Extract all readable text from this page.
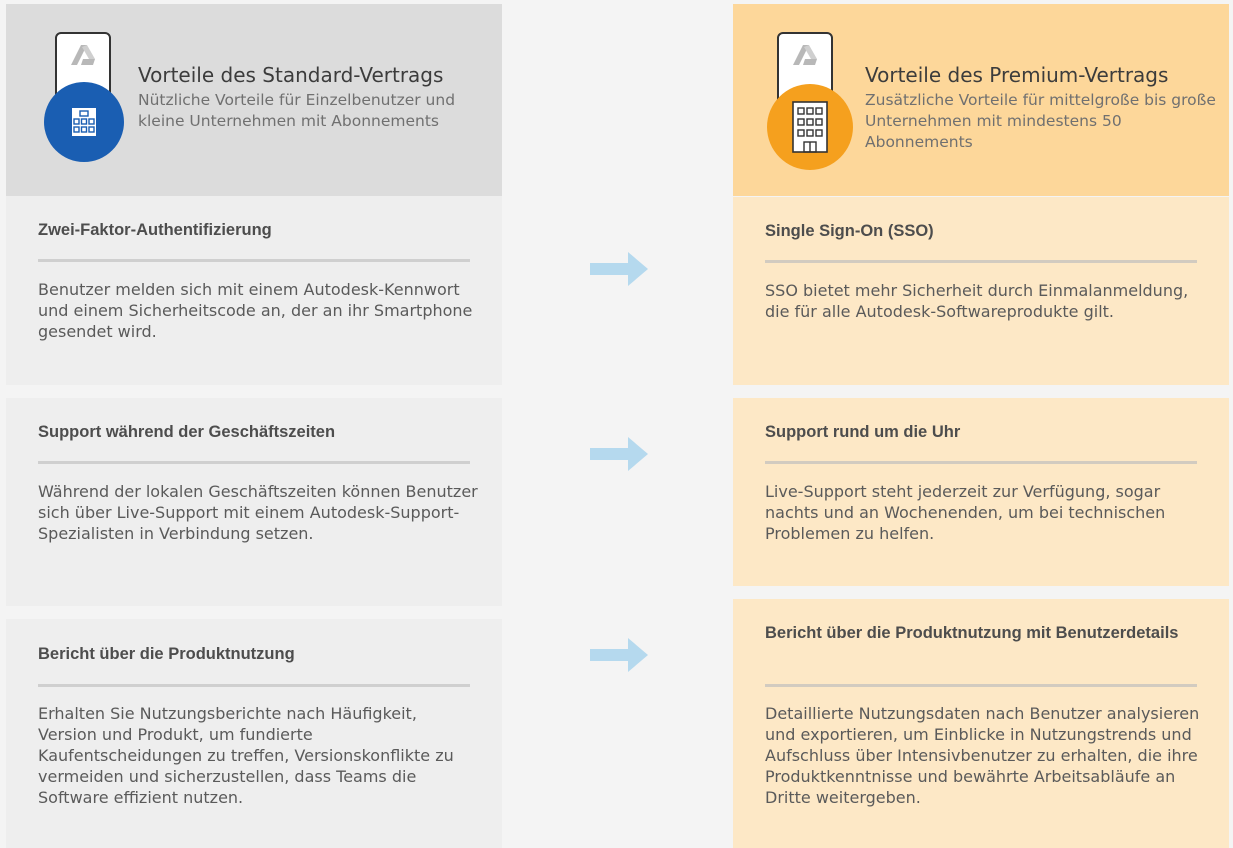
Vorteile des Standard-Vertrags
Nützliche Vorteile für Einzelbenutzer und kleine Unternehmen mit Abonnements
Zwei-Faktor-Authentifizierung
Benutzer melden sich mit einem Autodesk-Kennwort und einem Sicherheitscode an, der an ihr Smartphone gesendet wird.
Support während der Geschäftszeiten
Während der lokalen Geschäftszeiten können Benutzer sich über Live-Support mit einem Autodesk-Support-Spezialisten in Verbindung setzen.
Bericht über die Produktnutzung
Erhalten Sie Nutzungsberichte nach Häufigkeit, Version und Produkt, um fundierte Kaufentscheidungen zu treffen, Versionskonflikte zu vermeiden und sicherzustellen, dass Teams die Software effizient nutzen.
Vorteile des Premium-Vertrags
Zusätzliche Vorteile für mittelgroße bis große Unternehmen mit mindestens 50 Abonnements
Single Sign-On (SSO)
SSO bietet mehr Sicherheit durch Einmalanmeldung, die für alle Autodesk-Softwareprodukte gilt.
Support rund um die Uhr
Live-Support steht jederzeit zur Verfügung, sogar nachts und an Wochenenden, um bei technischen Problemen zu helfen.
Bericht über die Produktnutzung mit Benutzerdetails
Detaillierte Nutzungsdaten nach Benutzer analysieren und exportieren, um Einblicke in Nutzungstrends und Aufschluss über Intensivbenutzer zu erhalten, die ihre Produktkenntnisse und bewährte Arbeitsabläufe an Dritte weitergeben.
